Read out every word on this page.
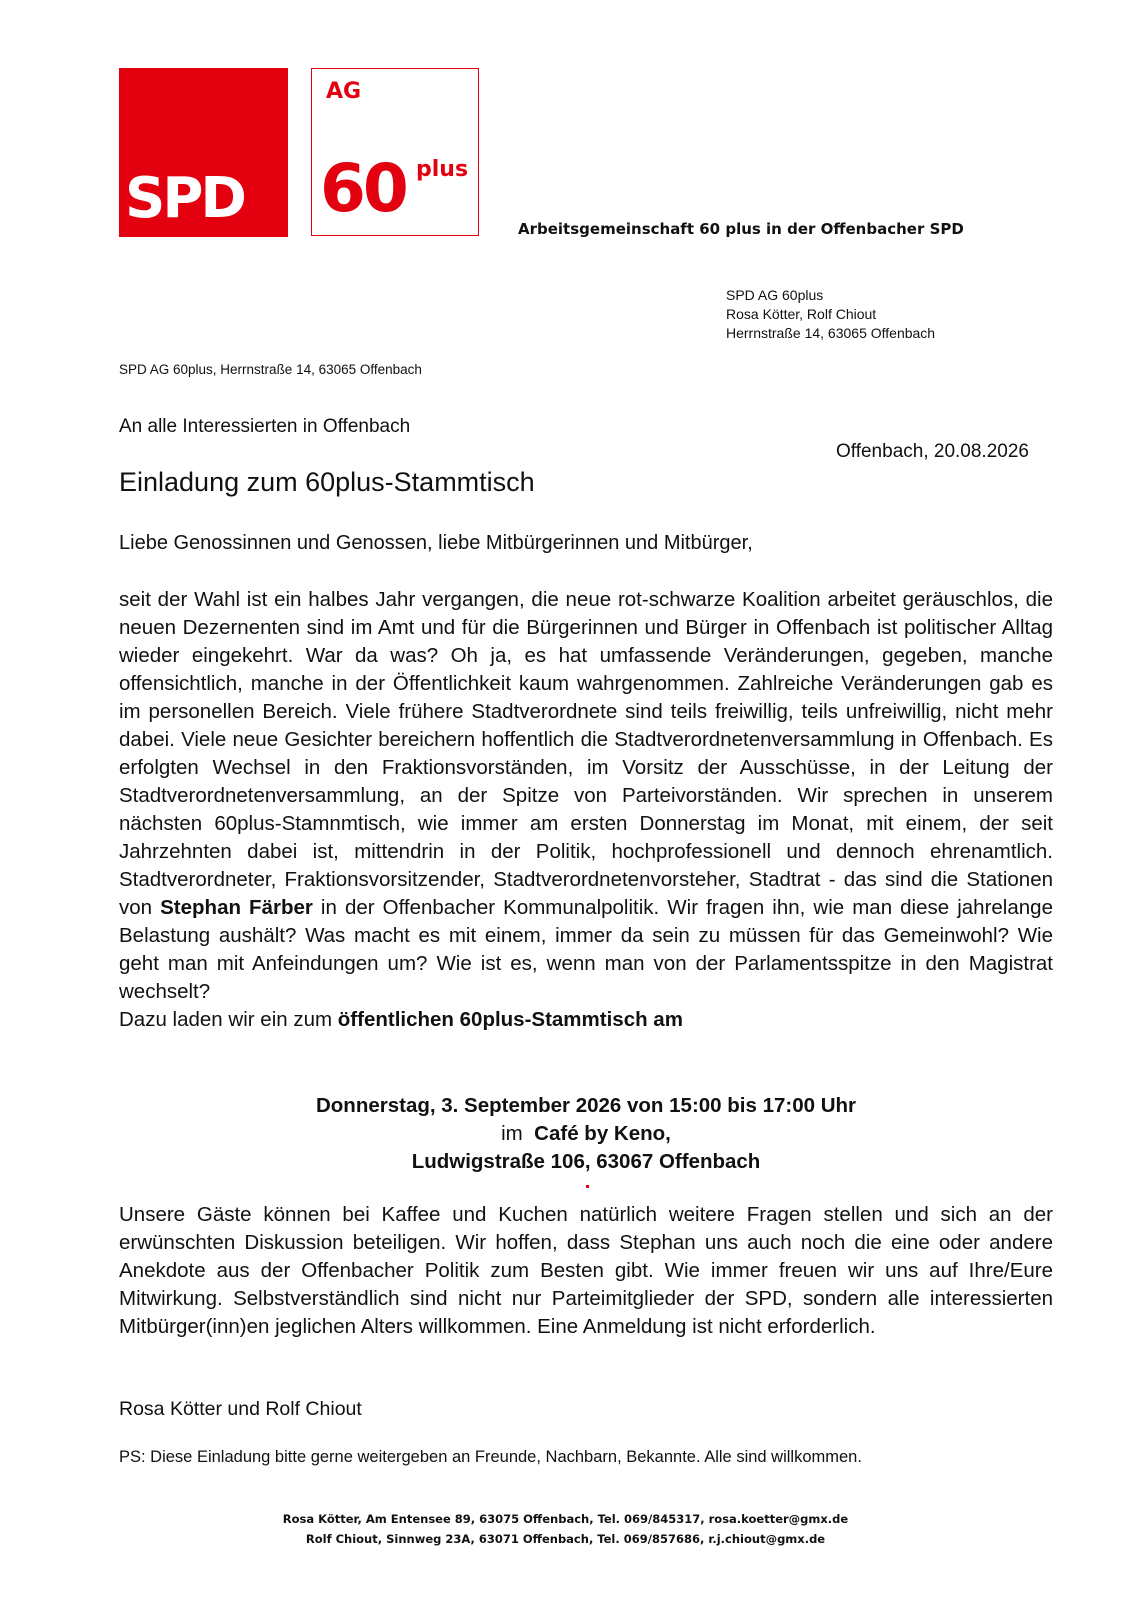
SPD
AG
60 plus
Arbeitsgemeinschaft 60 plus in der Offenbacher SPD
SPD AG 60plus
Rosa Kötter, Rolf Chiout
Herrnstraße 14, 63065 Offenbach
SPD AG 60plus, Herrnstraße 14, 63065 Offenbach
An alle Interessierten in Offenbach
Offenbach, 20.08.2026
Einladung zum 60plus-Stammtisch
Liebe Genossinnen und Genossen, liebe Mitbürgerinnen und Mitbürger,

seit der Wahl ist ein halbes Jahr vergangen, die neue rot-schwarze Koalition arbeitet geräuschlos, die neuen Dezernenten sind im Amt und für die Bürgerinnen und Bürger in Offenbach ist politischer Alltag wieder eingekehrt. War da was? Oh ja, es hat umfassende Veränderungen, gegeben, manche offensichtlich, manche in der Öffentlichkeit kaum wahrgenommen. Zahlreiche Veränderungen gab es im personellen Bereich. Viele frühere Stadtverordnete sind teils freiwillig, teils unfreiwillig, nicht mehr dabei. Viele neue Gesichter bereichern hoffentlich die Stadtverordnetenversammlung in Offenbach. Es erfolgten Wechsel in den Fraktionsvorständen, im Vorsitz der Ausschüsse, in der Leitung der Stadtverordnetenversammlung, an der Spitze von Parteivorständen. Wir sprechen in unserem nächsten 60plus-Stamnmtisch, wie immer am ersten Donnerstag im Monat, mit einem, der seit Jahrzehnten dabei ist, mittendrin in der Politik, hochprofessionell und dennoch ehrenamtlich. Stadtverordneter, Fraktionsvorsitzender, Stadtverordnetenvorsteher, Stadtrat - das sind die Stationen von Stephan Färber in der Offenbacher Kommunalpolitik. Wir fragen ihn, wie man diese jahrelange Belastung aushält? Was macht es mit einem, immer da sein zu müssen für das Gemeinwohl? Wie geht man mit Anfeindungen um? Wie ist es, wenn man von der Parlamentsspitze in den Magistrat wechselt?

Dazu laden wir ein zum öffentlichen 60plus-Stammtisch am

Donnerstag, 3. September 2026 von 15:00 bis 17:00 Uhr
im Café by Keno,
Ludwigstraße 106, 63067 Offenbach
Unsere Gäste können bei Kaffee und Kuchen natürlich weitere Fragen stellen und sich an der erwünschten Diskussion beteiligen. Wir hoffen, dass Stephan uns auch noch die eine oder andere Anekdote aus der Offenbacher Politik zum Besten gibt. Wie immer freuen wir uns auf Ihre/Eure Mitwirkung. Selbstverständlich sind nicht nur Parteimitglieder der SPD, sondern alle interessierten Mitbürger(inn)en jeglichen Alters willkommen. Eine Anmeldung ist nicht erforderlich.
Rosa Kötter und Rolf Chiout
PS: Diese Einladung bitte gerne weitergeben an Freunde, Nachbarn, Bekannte. Alle sind willkommen.
Rosa Kötter, Am Entensee 89, 63075 Offenbach, Tel. 069/845317, rosa.koetter@gmx.de
Rolf Chiout, Sinnweg 23A, 63071 Offenbach, Tel. 069/857686, r.j.chiout@gmx.de
